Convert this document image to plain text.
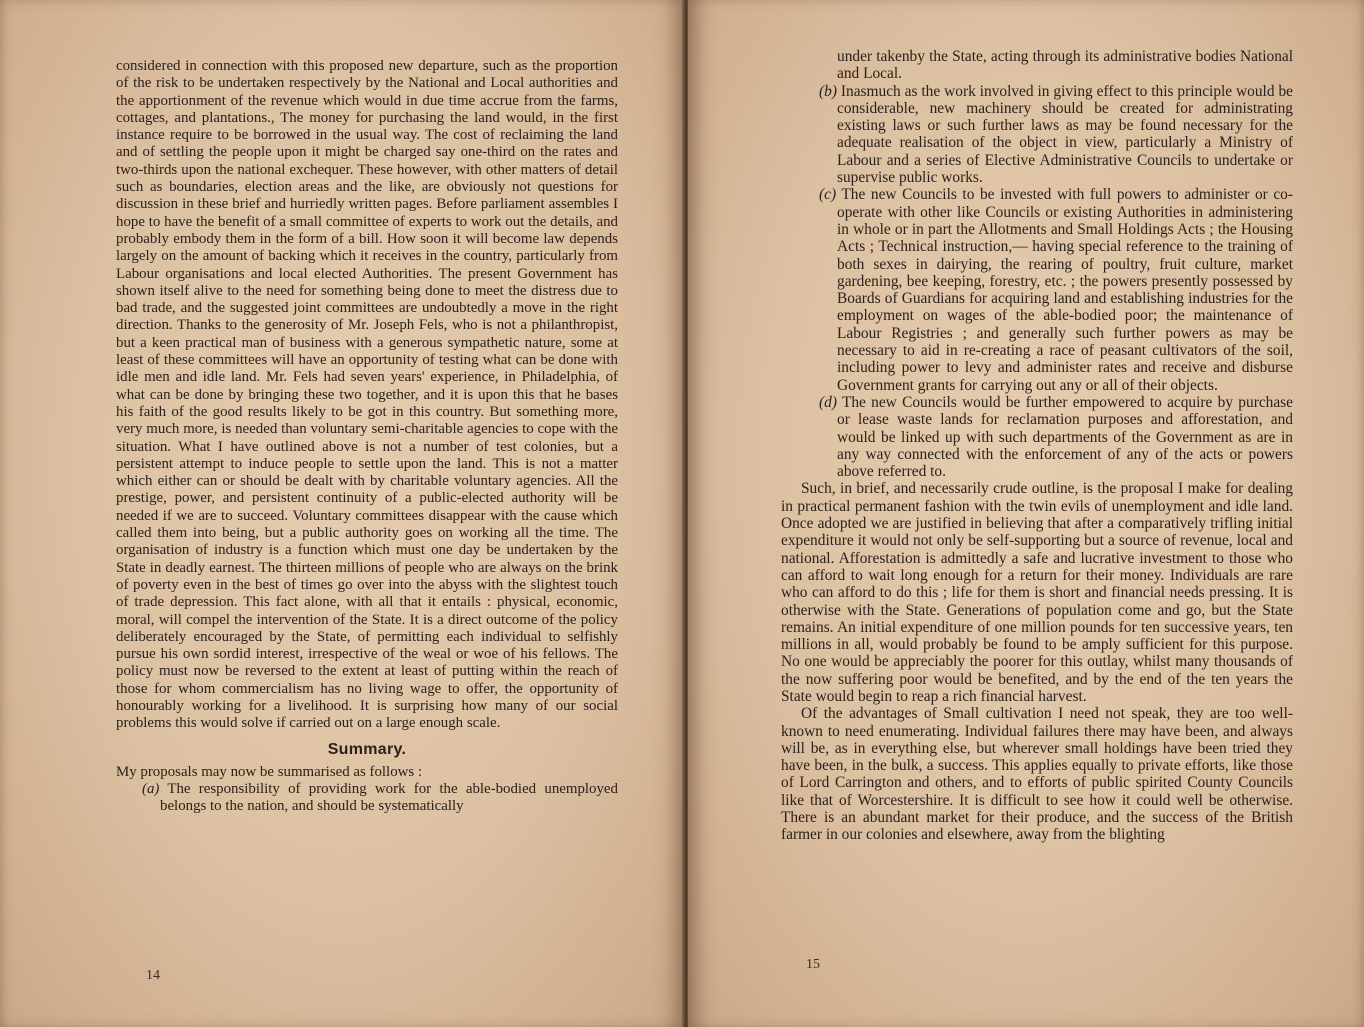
considered in connection with this proposed new departure, such as the proportion of the risk to be undertaken respectively by the National and Local authorities and the apportionment of the revenue which would in due time accrue from the farms, cottages, and plantations., The money for purchasing the land would, in the first instance require to be borrowed in the usual way. The cost of reclaiming the land and of settling the people upon it might be charged say one-third on the rates and two-thirds upon the national exchequer. These however, with other matters of detail such as boundaries, election areas and the like, are obviously not questions for discussion in these brief and hurriedly written pages. Before parliament assembles I hope to have the benefit of a small committee of experts to work out the details, and probably embody them in the form of a bill. How soon it will become law depends largely on the amount of backing which it receives in the country, particularly from Labour organisations and local elected Authorities. The present Government has shown itself alive to the need for something being done to meet the distress due to bad trade, and the suggested joint committees are undoubtedly a move in the right direction. Thanks to the generosity of Mr. Joseph Fels, who is not a philanthropist, but a keen practical man of business with a generous sympathetic nature, some at least of these committees will have an opportunity of testing what can be done with idle men and idle land. Mr. Fels had seven years' experience, in Philadelphia, of what can be done by bringing these two together, and it is upon this that he bases his faith of the good results likely to be got in this country. But something more, very much more, is needed than voluntary semi-charitable agencies to cope with the situation. What I have outlined above is not a number of test colonies, but a persistent attempt to induce people to settle upon the land. This is not a matter which either can or should be dealt with by charitable voluntary agencies. All the prestige, power, and persistent continuity of a public-elected authority will be needed if we are to succeed. Voluntary committees disappear with the cause which called them into being, but a public authority goes on working all the time. The organisation of industry is a function which must one day be undertaken by the State in deadly earnest. The thirteen millions of people who are always on the brink of poverty even in the best of times go over into the abyss with the slightest touch of trade depression. This fact alone, with all that it entails : physical, economic, moral, will compel the intervention of the State. It is a direct outcome of the policy deliberately encouraged by the State, of permitting each individual to selfishly pursue his own sordid interest, irrespective of the weal or woe of his fellows. The policy must now be reversed to the extent at least of putting within the reach of those for whom commercialism has no living wage to offer, the opportunity of honourably working for a livelihood. It is surprising how many of our social problems this would solve if carried out on a large enough scale.

Summary.

My proposals may now be summarised as follows :

(a) The responsibility of providing work for the able-bodied unemployed belongs to the nation, and should be systematically

14

under takenby the State, acting through its administrative bodies National and Local.

(b) Inasmuch as the work involved in giving effect to this principle would be considerable, new machinery should be created for administrating existing laws or such further laws as may be found necessary for the adequate realisation of the object in view, particularly a Ministry of Labour and a series of Elective Administrative Councils to undertake or supervise public works.

(c) The new Councils to be invested with full powers to administer or co-operate with other like Councils or existing Authorities in administering in whole or in part the Allotments and Small Holdings Acts ; the Housing Acts ; Technical instruction,— having special reference to the training of both sexes in dairying, the rearing of poultry, fruit culture, market gardening, bee keeping, forestry, etc. ; the powers presently possessed by Boards of Guardians for acquiring land and establishing industries for the employment on wages of the able-bodied poor; the maintenance of Labour Registries ; and generally such further powers as may be necessary to aid in re-creating a race of peasant cultivators of the soil, including power to levy and administer rates and receive and disburse Government grants for carrying out any or all of their objects.

(d) The new Councils would be further empowered to acquire by purchase or lease waste lands for reclamation purposes and afforestation, and would be linked up with such departments of the Government as are in any way connected with the enforcement of any of the acts or powers above referred to.

Such, in brief, and necessarily crude outline, is the proposal I make for dealing in practical permanent fashion with the twin evils of unemployment and idle land. Once adopted we are justified in believing that after a comparatively trifling initial expenditure it would not only be self-supporting but a source of revenue, local and national. Afforestation is admittedly a safe and lucrative investment to those who can afford to wait long enough for a return for their money. Individuals are rare who can afford to do this ; life for them is short and financial needs pressing. It is otherwise with the State. Generations of population come and go, but the State remains. An initial expenditure of one million pounds for ten successive years, ten millions in all, would probably be found to be amply sufficient for this purpose. No one would be appreciably the poorer for this outlay, whilst many thousands of the now suffering poor would be benefited, and by the end of the ten years the State would begin to reap a rich financial harvest.

Of the advantages of Small cultivation I need not speak, they are too well-known to need enumerating. Individual failures there may have been, and always will be, as in everything else, but wherever small holdings have been tried they have been, in the bulk, a success. This applies equally to private efforts, like those of Lord Carrington and others, and to efforts of public spirited County Councils like that of Worcestershire. It is difficult to see how it could well be otherwise. There is an abundant market for their produce, and the success of the British farmer in our colonies and elsewhere, away from the blighting

15
